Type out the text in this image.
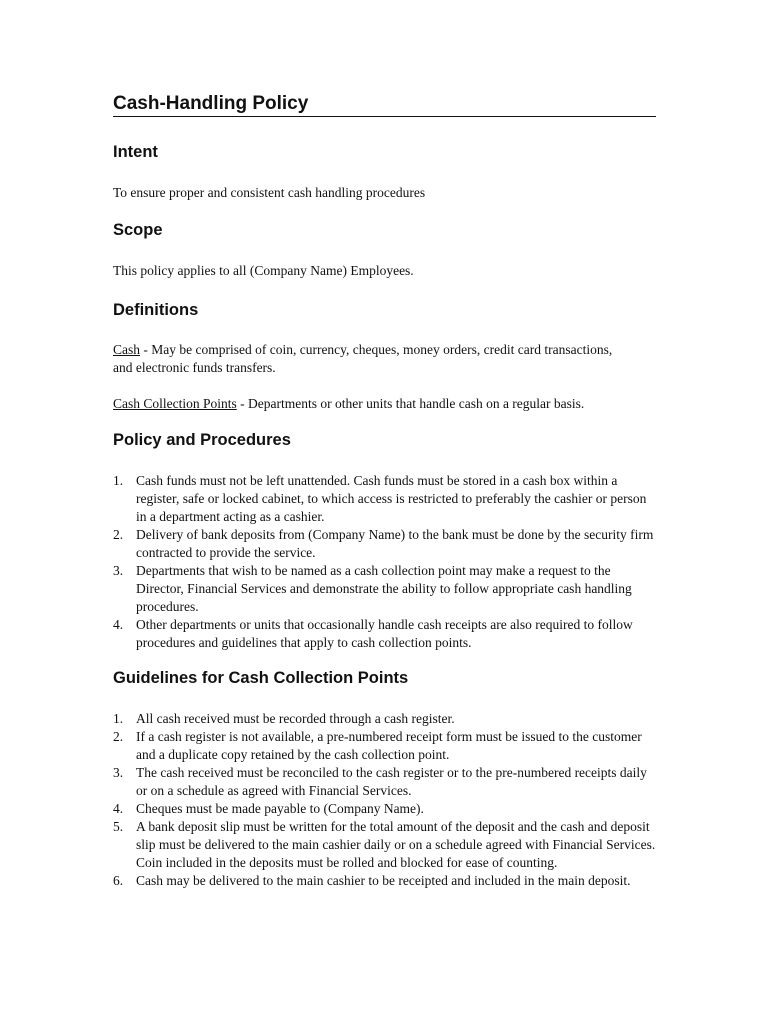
Cash-Handling Policy
Intent
To ensure proper and consistent cash handling procedures
Scope
This policy applies to all (Company Name) Employees.
Definitions
Cash - May be comprised of coin, currency, cheques, money orders, credit card transactions, and electronic funds transfers.
Cash Collection Points - Departments or other units that handle cash on a regular basis.
Policy and Procedures
1. Cash funds must not be left unattended. Cash funds must be stored in a cash box within a register, safe or locked cabinet, to which access is restricted to preferably the cashier or person in a department acting as a cashier.
2. Delivery of bank deposits from (Company Name) to the bank must be done by the security firm contracted to provide the service.
3. Departments that wish to be named as a cash collection point may make a request to the Director, Financial Services and demonstrate the ability to follow appropriate cash handling procedures.
4. Other departments or units that occasionally handle cash receipts are also required to follow procedures and guidelines that apply to cash collection points.
Guidelines for Cash Collection Points
1. All cash received must be recorded through a cash register.
2. If a cash register is not available, a pre-numbered receipt form must be issued to the customer and a duplicate copy retained by the cash collection point.
3. The cash received must be reconciled to the cash register or to the pre-numbered receipts daily or on a schedule as agreed with Financial Services.
4. Cheques must be made payable to (Company Name).
5. A bank deposit slip must be written for the total amount of the deposit and the cash and deposit slip must be delivered to the main cashier daily or on a schedule agreed with Financial Services. Coin included in the deposits must be rolled and blocked for ease of counting.
6. Cash may be delivered to the main cashier to be receipted and included in the main deposit.
